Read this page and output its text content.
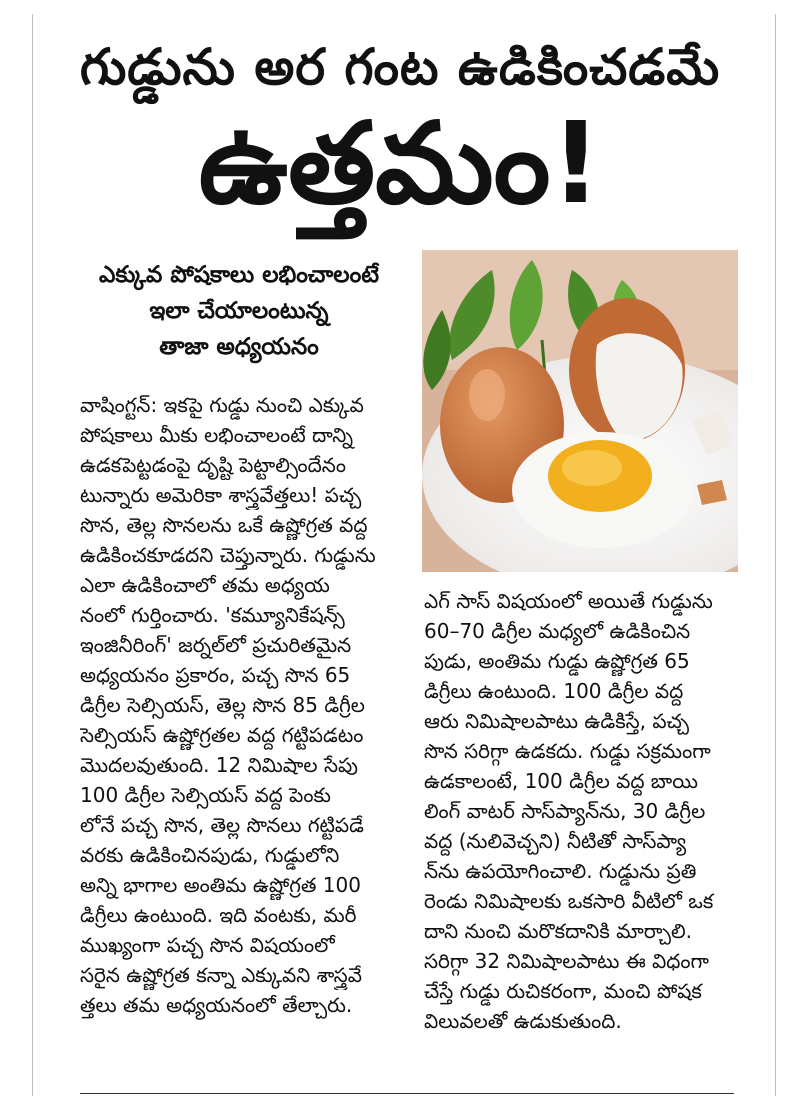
గుడ్డును అర గంట ఉడికించడమే
ఉత్తమం!
ఎక్కువ పోషకాలు లభించాలంటే
ఇలా చేయాలంటున్న
తాజా అధ్యయనం
వాషింగ్టన్: ఇకపై గుడ్డు నుంచి ఎక్కువ
పోషకాలు మీకు లభించాలంటే దాన్ని
ఉడకపెట్టడంపై దృష్టి పెట్టాల్సిందేనం
టున్నారు అమెరికా శాస్త్రవేత్తలు! పచ్చ
సొన, తెల్ల సొనలను ఒకే ఉష్ణోగ్రత వద్ద
ఉడికించకూడదని చెప్తున్నారు. గుడ్డును
ఎలా ఉడికించాలో తమ అధ్యయ
నంలో గుర్తించారు. 'కమ్యూనికేషన్స్
ఇంజినీరింగ్' జర్నల్‌లో ప్రచురితమైన
అధ్యయనం ప్రకారం, పచ్చ సొన 65
డిగ్రీల సెల్సియస్, తెల్ల సొన 85 డిగ్రీల
సెల్సియస్ ఉష్ణోగ్రతల వద్ద గట్టిపడటం
మొదలవుతుంది. 12 నిమిషాల సేపు
100 డిగ్రీల సెల్సియస్ వద్ద పెంకు
లోనే పచ్చ సొన, తెల్ల సొనలు గట్టిపడే
వరకు ఉడికించినపుడు, గుడ్డులోని
అన్ని భాగాల అంతిమ ఉష్ణోగ్రత 100
డిగ్రీలు ఉంటుంది. ఇది వంటకు, మరీ
ముఖ్యంగా పచ్చ సొన విషయంలో
సరైన ఉష్ణోగ్రత కన్నా ఎక్కువని శాస్త్రవే
త్తలు తమ అధ్యయనంలో తేల్చారు.
ఎగ్ సాస్ విషయంలో అయితే గుడ్డును
60–70 డిగ్రీల మధ్యలో ఉడికించిన
పుడు, అంతిమ గుడ్డు ఉష్ణోగ్రత 65
డిగ్రీలు ఉంటుంది. 100 డిగ్రీల వద్ద
ఆరు నిమిషాలపాటు ఉడికిస్తే, పచ్చ
సొన సరిగ్గా ఉడకదు. గుడ్డు సక్రమంగా
ఉడకాలంటే, 100 డిగ్రీల వద్ద బాయి
లింగ్ వాటర్ సాస్‌ప్యాన్‌ను, 30 డిగ్రీల
వద్ద (నులివెచ్చని) నీటితో సాస్‌ప్యా
న్‌ను ఉపయోగించాలి. గుడ్డును ప్రతి
రెండు నిమిషాలకు ఒకసారి వీటిలో ఒక
దాని నుంచి మరొకదానికి మార్చాలి.
సరిగ్గా 32 నిమిషాలపాటు ఈ విధంగా
చేస్తే గుడ్డు రుచికరంగా, మంచి పోషక
విలువలతో ఉడుకుతుంది.
